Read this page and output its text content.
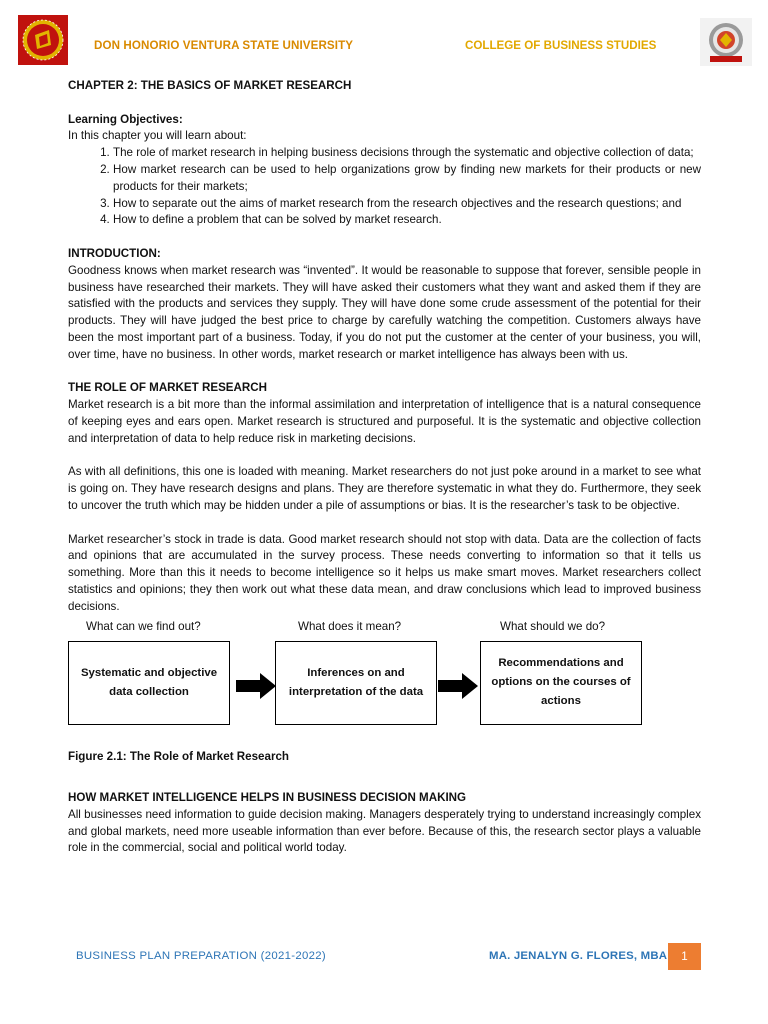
DON HONORIO VENTURA STATE UNIVERSITY	COLLEGE OF BUSINESS STUDIES

CHAPTER 2: THE BASICS OF MARKET RESEARCH

Learning Objectives:

In this chapter you will learn about:

1. The role of market research in helping business decisions through the systematic and objective collection of data;
2. How market research can be used to help organizations grow by finding new markets for their products or new products for their markets;
3. How to separate out the aims of market research from the research objectives and the research questions; and
4. How to define a problem that can be solved by market research.

INTRODUCTION:

Goodness knows when market research was “invented”. It would be reasonable to suppose that forever, sensible people in business have researched their markets. They will have asked their customers what they want and asked them if they are satisfied with the products and services they supply. They will have done some crude assessment of the potential for their products. They will have judged the best price to charge by carefully watching the competition. Customers always have been the most important part of a business. Today, if you do not put the customer at the center of your business, you will, over time, have no business. In other words, market research or market intelligence has always been with us.

THE ROLE OF MARKET RESEARCH

Market research is a bit more than the informal assimilation and interpretation of intelligence that is a natural consequence of keeping eyes and ears open. Market research is structured and purposeful. It is the systematic and objective collection and interpretation of data to help reduce risk in marketing decisions.

As with all definitions, this one is loaded with meaning. Market researchers do not just poke around in a market to see what is going on. They have research designs and plans. They are therefore systematic in what they do. Furthermore, they seek to uncover the truth which may be hidden under a pile of assumptions or bias. It is the researcher’s task to be objective.

Market researcher’s stock in trade is data. Good market research should not stop with data. Data are the collection of facts and opinions that are accumulated in the survey process. These needs converting to information so that it tells us something. More than this it needs to become intelligence so it helps us make smart moves. Market researchers collect statistics and opinions; they then work out what these data mean, and draw conclusions which lead to improved business decisions.

What can we find out?	What does it mean?	What should we do?
Systematic and objective data collection
Inferences on and interpretation of the data
Recommendations and options on the courses of actions

Figure 2.1: The Role of Market Research

HOW MARKET INTELLIGENCE HELPS IN BUSINESS DECISION MAKING

All businesses need information to guide decision making. Managers desperately trying to understand increasingly complex and global markets, need more useable information than ever before. Because of this, the research sector plays a valuable role in the commercial, social and political world today.

BUSINESS PLAN PREPARATION (2021-2022)	MA. JENALYN G. FLORES, MBA	1
